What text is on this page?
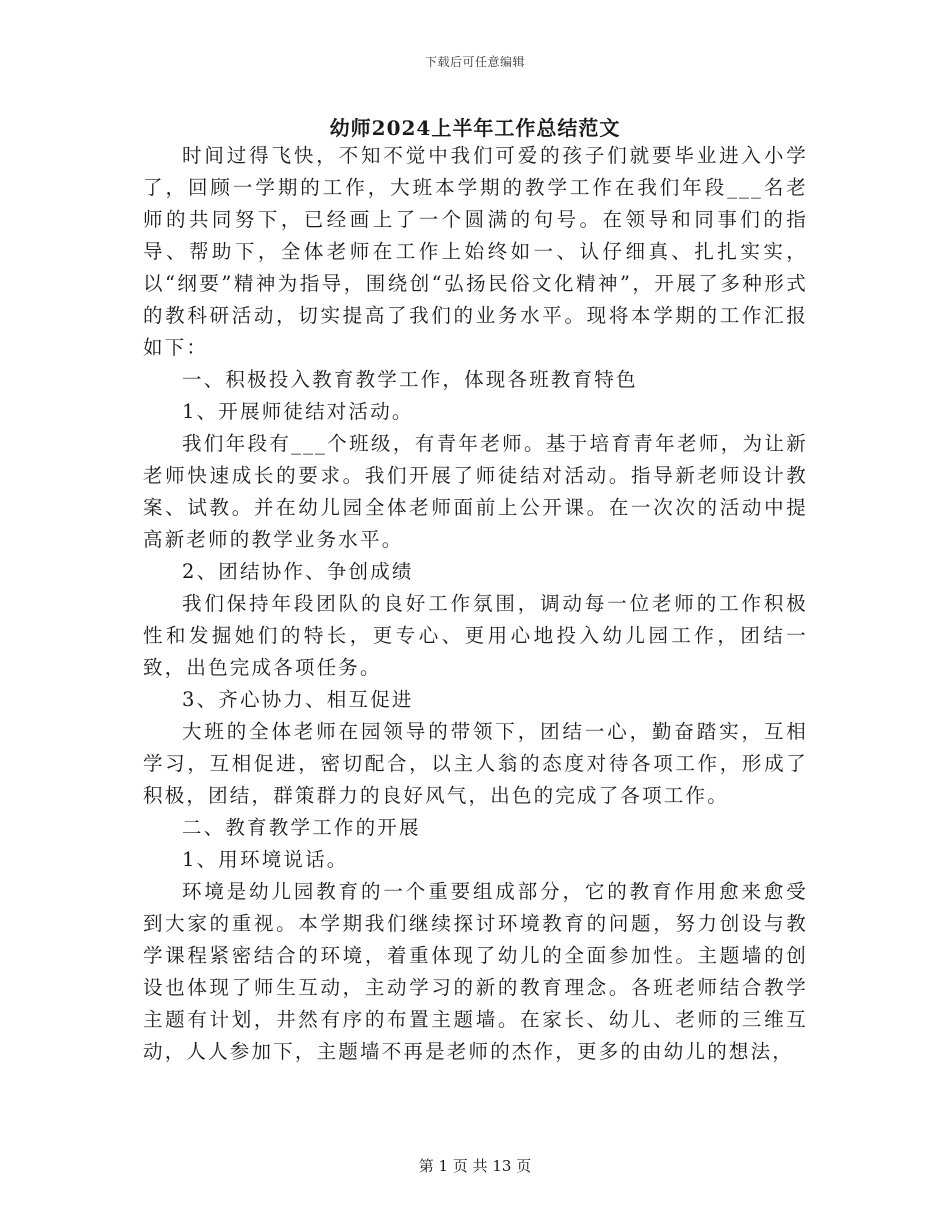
下载后可任意编辑
幼师2024上半年工作总结范文

时间过得飞快，不知不觉中我们可爱的孩子们就要毕业进入小学了，回顾一学期的工作，大班本学期的教学工作在我们年段___名老师的共同努下，已经画上了一个圆满的句号。在领导和同事们的指导、帮助下，全体老师在工作上始终如一、认仔细真、扎扎实实，以“纲要”精神为指导，围绕创“弘扬民俗文化精神”，开展了多种形式的教科研活动，切实提高了我们的业务水平。现将本学期的工作汇报如下：

一、积极投入教育教学工作，体现各班教育特色

1、开展师徒结对活动。

我们年段有___个班级，有青年老师。基于培育青年老师，为让新老师快速成长的要求。我们开展了师徒结对活动。指导新老师设计教案、试教。并在幼儿园全体老师面前上公开课。在一次次的活动中提高新老师的教学业务水平。

2、团结协作、争创成绩

我们保持年段团队的良好工作氛围，调动每一位老师的工作积极性和发掘她们的特长，更专心、更用心地投入幼儿园工作，团结一致，出色完成各项任务。

3、齐心协力、相互促进

大班的全体老师在园领导的带领下，团结一心，勤奋踏实，互相学习，互相促进，密切配合，以主人翁的态度对待各项工作，形成了积极，团结，群策群力的良好风气，出色的完成了各项工作。

二、教育教学工作的开展

1、用环境说话。

环境是幼儿园教育的一个重要组成部分，它的教育作用愈来愈受到大家的重视。本学期我们继续探讨环境教育的问题，努力创设与教学课程紧密结合的环境，着重体现了幼儿的全面参加性。主题墙的创设也体现了师生互动，主动学习的新的教育理念。各班老师结合教学主题有计划，井然有序的布置主题墙。在家长、幼儿、老师的三维互动，人人参加下，主题墙不再是老师的杰作，更多的由幼儿的想法，

第 1 页 共 13 页
